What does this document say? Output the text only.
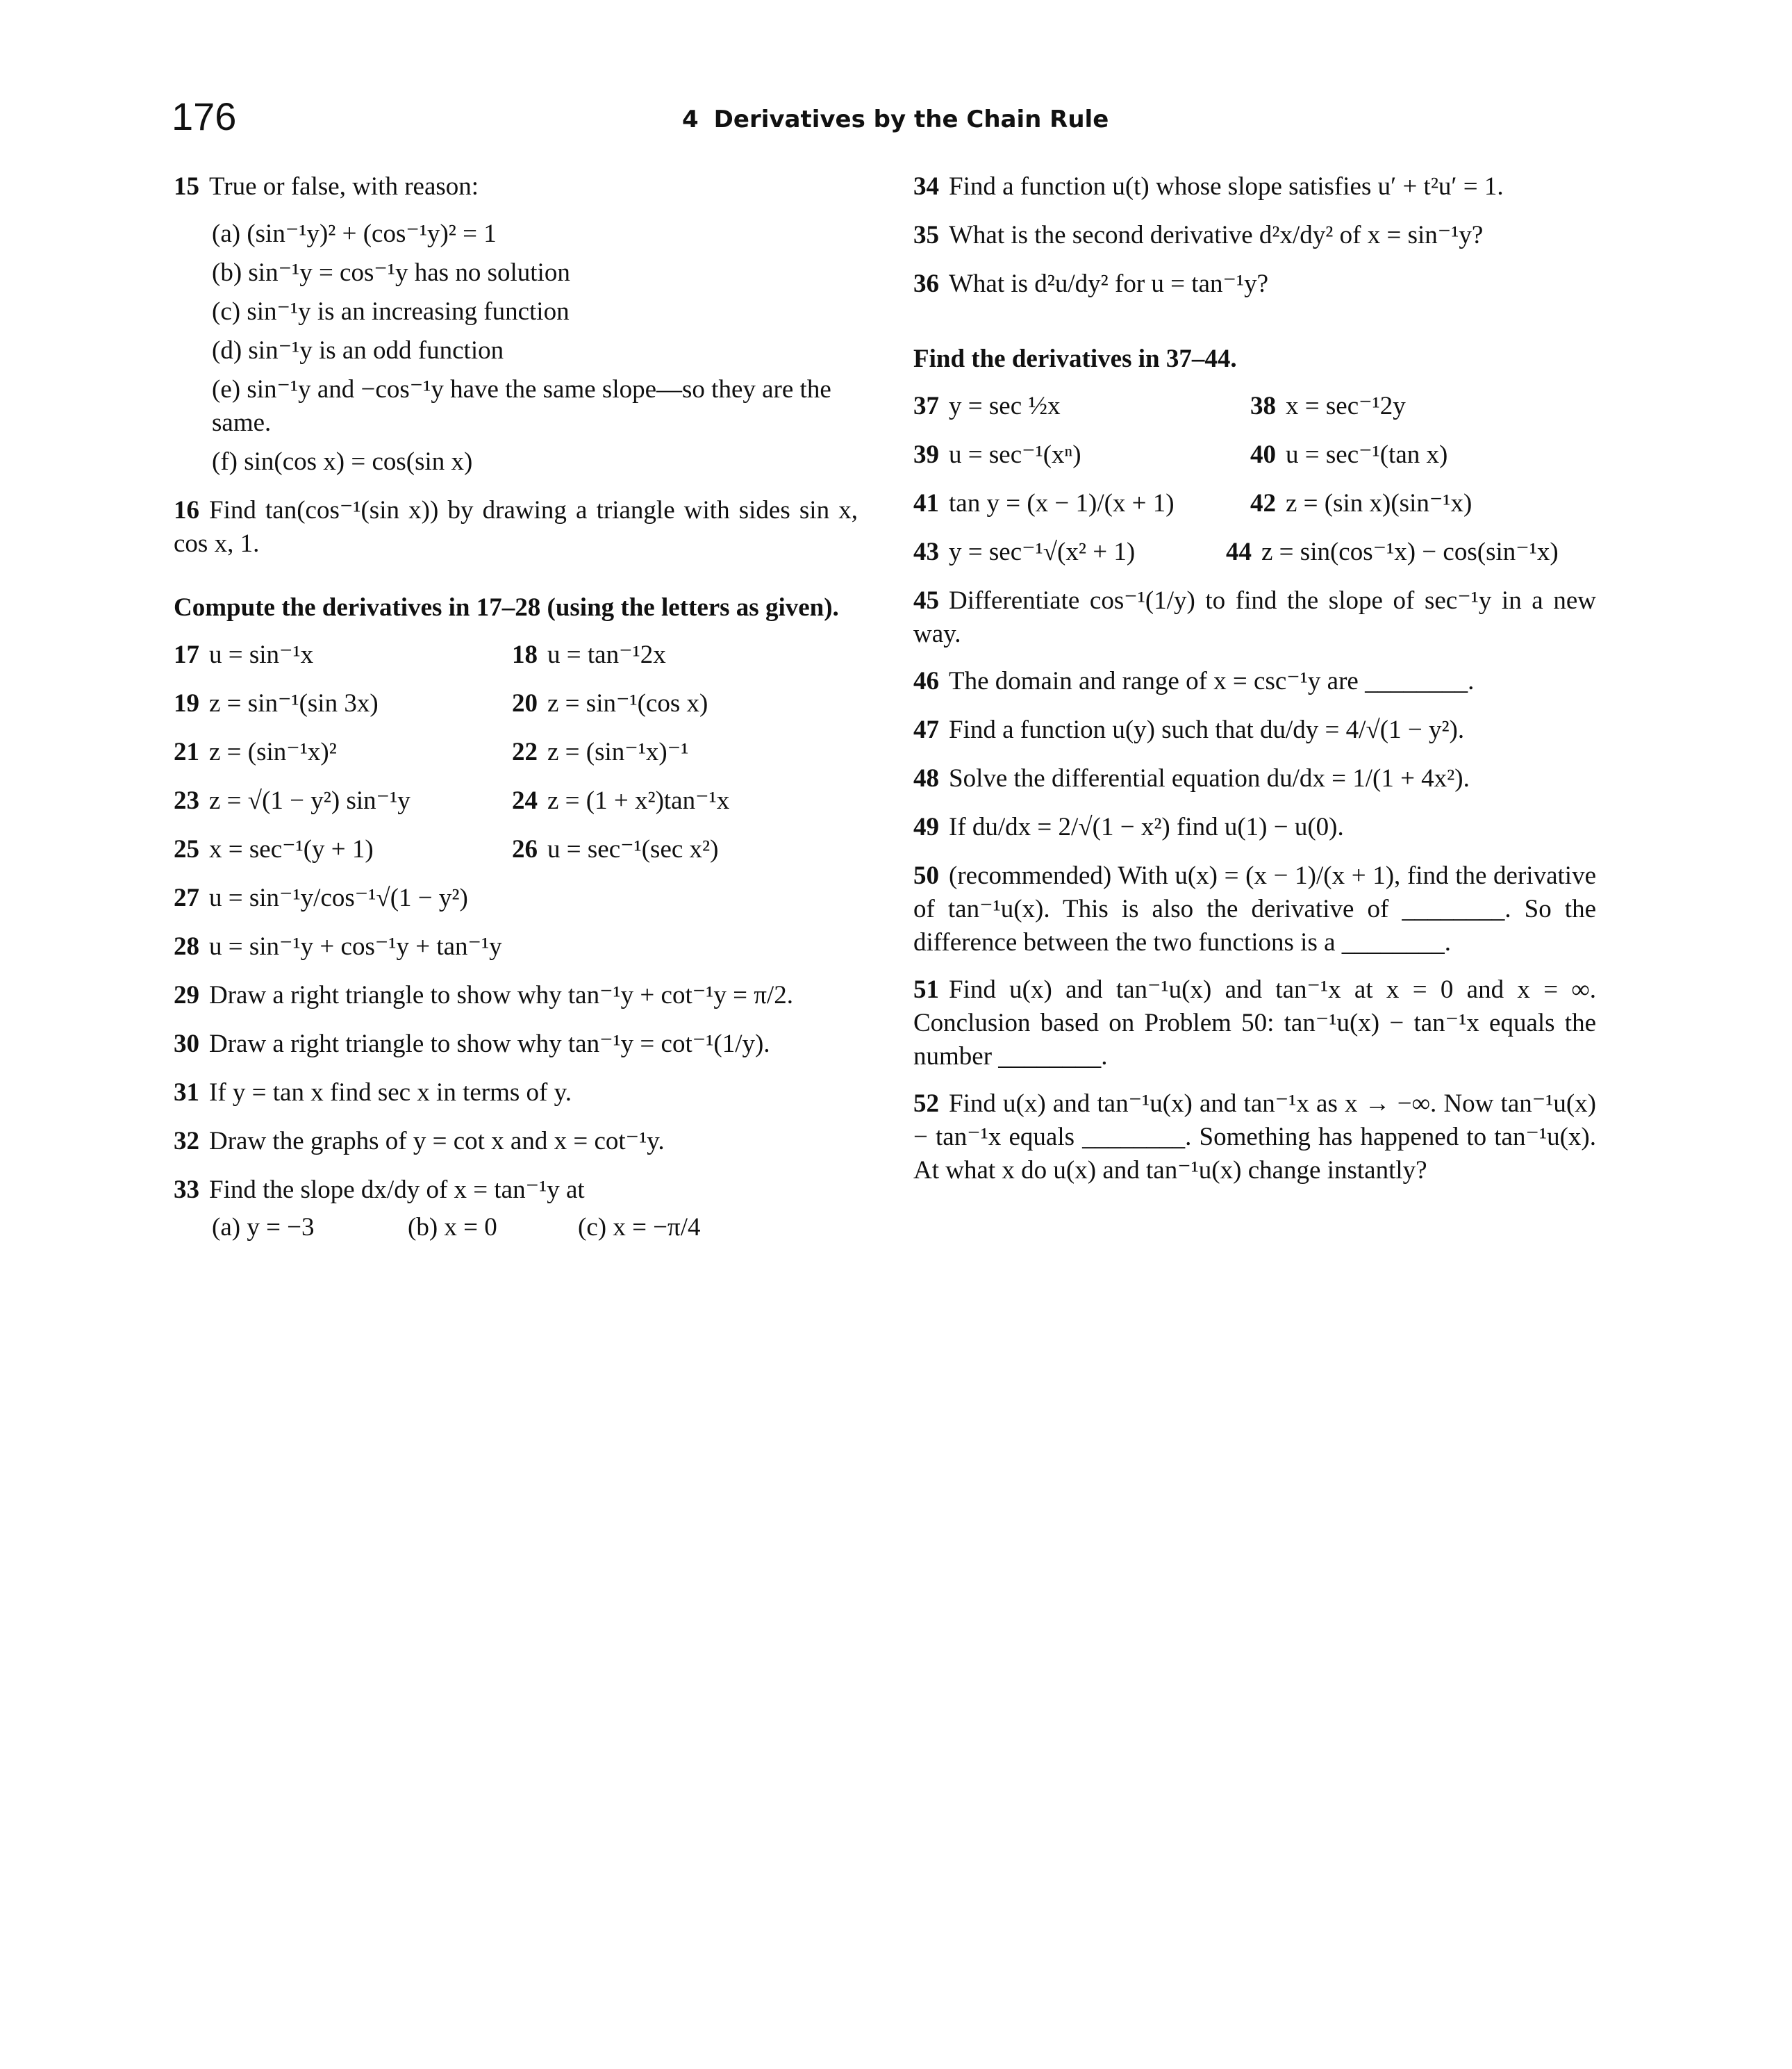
176	4 Derivatives by the Chain Rule
15 True or false, with reason:
(a) (sin⁻¹y)² + (cos⁻¹y)² = 1
(b) sin⁻¹y = cos⁻¹y has no solution
(c) sin⁻¹y is an increasing function
(d) sin⁻¹y is an odd function
(e) sin⁻¹y and −cos⁻¹y have the same slope—so they are the same.
(f) sin(cos x) = cos(sin x)
16 Find tan(cos⁻¹(sin x)) by drawing a triangle with sides sin x, cos x, 1.
Compute the derivatives in 17–28 (using the letters as given).
17 u = sin⁻¹x	18 u = tan⁻¹2x
19 z = sin⁻¹(sin 3x)	20 z = sin⁻¹(cos x)
21 z = (sin⁻¹x)²	22 z = (sin⁻¹x)⁻¹
23 z = √(1 − y²) sin⁻¹y	24 z = (1 + x²)tan⁻¹x
25 x = sec⁻¹(y + 1)	26 u = sec⁻¹(sec x²)
27 u = sin⁻¹y/cos⁻¹√(1 − y²)
28 u = sin⁻¹y + cos⁻¹y + tan⁻¹y
29 Draw a right triangle to show why tan⁻¹y + cot⁻¹y = π/2.
30 Draw a right triangle to show why tan⁻¹y = cot⁻¹(1/y).
31 If y = tan x find sec x in terms of y.
32 Draw the graphs of y = cot x and x = cot⁻¹y.
33 Find the slope dx/dy of x = tan⁻¹y at
(a) y = −3	(b) x = 0	(c) x = −π/4
34 Find a function u(t) whose slope satisfies u′ + t²u′ = 1.
35 What is the second derivative d²x/dy² of x = sin⁻¹y?
36 What is d²u/dy² for u = tan⁻¹y?
Find the derivatives in 37–44.
37 y = sec ½x	38 x = sec⁻¹2y
39 u = sec⁻¹(xⁿ)	40 u = sec⁻¹(tan x)
41 tan y = (x − 1)/(x + 1)	42 z = (sin x)(sin⁻¹x)
43 y = sec⁻¹√(x² + 1)	44 z = sin(cos⁻¹x) − cos(sin⁻¹x)
45 Differentiate cos⁻¹(1/y) to find the slope of sec⁻¹y in a new way.
46 The domain and range of x = csc⁻¹y are ________.
47 Find a function u(y) such that du/dy = 4/√(1 − y²).
48 Solve the differential equation du/dx = 1/(1 + 4x²).
49 If du/dx = 2/√(1 − x²) find u(1) − u(0).
50 (recommended) With u(x) = (x − 1)/(x + 1), find the derivative of tan⁻¹u(x). This is also the derivative of ________. So the difference between the two functions is a ________.
51 Find u(x) and tan⁻¹u(x) and tan⁻¹x at x = 0 and x = ∞. Conclusion based on Problem 50: tan⁻¹u(x) − tan⁻¹x equals the number ________.
52 Find u(x) and tan⁻¹u(x) and tan⁻¹x as x → −∞. Now tan⁻¹u(x) − tan⁻¹x equals ________. Something has happened to tan⁻¹u(x). At what x do u(x) and tan⁻¹u(x) change instantly?
